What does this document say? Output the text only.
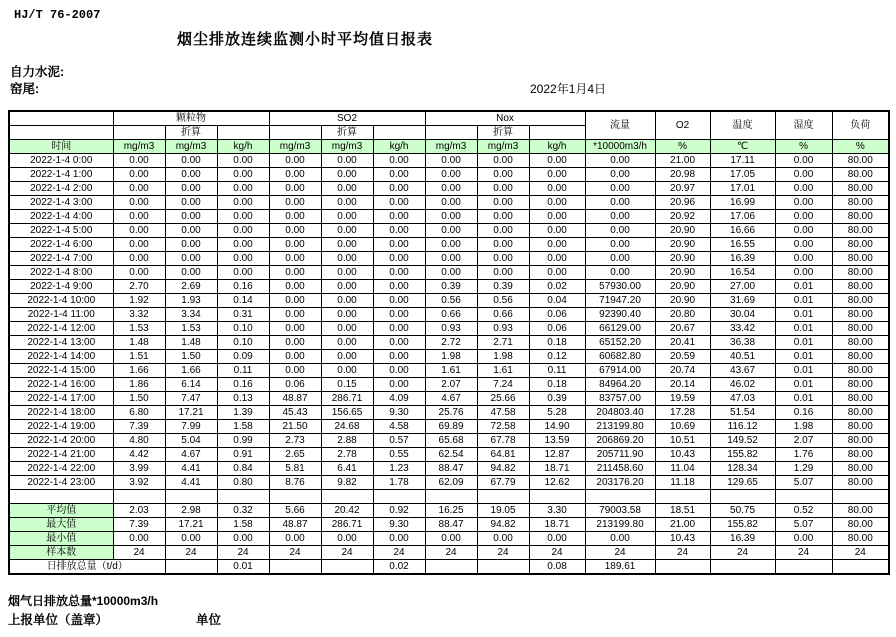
HJ/T 76-2007
烟尘排放连续监测小时平均值日报表
自力水泥:
窑尾:	2022年1月4日
	颗粒物			SO2			Nox			流量	O2	温度	湿度	负荷
		折算			折算			折算						
时间	mg/m3	mg/m3	kg/h	mg/m3	mg/m3	kg/h	mg/m3	mg/m3	kg/h	*10000m3/h	%	℃	%	%
2022-1-4 0:00	0.00	0.00	0.00	0.00	0.00	0.00	0.00	0.00	0.00	0.00	21.00	17.11	0.00	80.00
2022-1-4 1:00	0.00	0.00	0.00	0.00	0.00	0.00	0.00	0.00	0.00	0.00	20.98	17.05	0.00	80.00
2022-1-4 2:00	0.00	0.00	0.00	0.00	0.00	0.00	0.00	0.00	0.00	0.00	20.97	17.01	0.00	80.00
2022-1-4 3:00	0.00	0.00	0.00	0.00	0.00	0.00	0.00	0.00	0.00	0.00	20.96	16.99	0.00	80.00
2022-1-4 4:00	0.00	0.00	0.00	0.00	0.00	0.00	0.00	0.00	0.00	0.00	20.92	17.06	0.00	80.00
2022-1-4 5:00	0.00	0.00	0.00	0.00	0.00	0.00	0.00	0.00	0.00	0.00	20.90	16.66	0.00	80.00
2022-1-4 6:00	0.00	0.00	0.00	0.00	0.00	0.00	0.00	0.00	0.00	0.00	20.90	16.55	0.00	80.00
2022-1-4 7:00	0.00	0.00	0.00	0.00	0.00	0.00	0.00	0.00	0.00	0.00	20.90	16.39	0.00	80.00
2022-1-4 8:00	0.00	0.00	0.00	0.00	0.00	0.00	0.00	0.00	0.00	0.00	20.90	16.54	0.00	80.00
2022-1-4 9:00	2.70	2.69	0.16	0.00	0.00	0.00	0.39	0.39	0.02	57930.00	20.90	27.00	0.01	80.00
2022-1-4 10:00	1.92	1.93	0.14	0.00	0.00	0.00	0.56	0.56	0.04	71947.20	20.90	31.69	0.01	80.00
2022-1-4 11:00	3.32	3.34	0.31	0.00	0.00	0.00	0.66	0.66	0.06	92390.40	20.80	30.04	0.01	80.00
2022-1-4 12:00	1.53	1.53	0.10	0.00	0.00	0.00	0.93	0.93	0.06	66129.00	20.67	33.42	0.01	80.00
2022-1-4 13:00	1.48	1.48	0.10	0.00	0.00	0.00	2.72	2.71	0.18	65152.20	20.41	36.38	0.01	80.00
2022-1-4 14:00	1.51	1.50	0.09	0.00	0.00	0.00	1.98	1.98	0.12	60682.80	20.59	40.51	0.01	80.00
2022-1-4 15:00	1.66	1.66	0.11	0.00	0.00	0.00	1.61	1.61	0.11	67914.00	20.74	43.67	0.01	80.00
2022-1-4 16:00	1.86	6.14	0.16	0.06	0.15	0.00	2.07	7.24	0.18	84964.20	20.14	46.02	0.01	80.00
2022-1-4 17:00	1.50	7.47	0.13	48.87	286.71	4.09	4.67	25.66	0.39	83757.00	19.59	47.03	0.01	80.00
2022-1-4 18:00	6.80	17.21	1.39	45.43	156.65	9.30	25.76	47.58	5.28	204803.40	17.28	51.54	0.16	80.00
2022-1-4 19:00	7.39	7.99	1.58	21.50	24.68	4.58	69.89	72.58	14.90	213199.80	10.69	116.12	1.98	80.00
2022-1-4 20:00	4.80	5.04	0.99	2.73	2.88	0.57	65.68	67.78	13.59	206869.20	10.51	149.52	2.07	80.00
2022-1-4 21:00	4.42	4.67	0.91	2.65	2.78	0.55	62.54	64.81	12.87	205711.90	10.43	155.82	1.76	80.00
2022-1-4 22:00	3.99	4.41	0.84	5.81	6.41	1.23	88.47	94.82	18.71	211458.60	11.04	128.34	1.29	80.00
2022-1-4 23:00	3.92	4.41	0.80	8.76	9.82	1.78	62.09	67.79	12.62	203176.20	11.18	129.65	5.07	80.00

平均值	2.03	2.98	0.32	5.66	20.42	0.92	16.25	19.05	3.30	79003.58	18.51	50.75	0.52	80.00
最大值	7.39	17.21	1.58	48.87	286.71	9.30	88.47	94.82	18.71	213199.80	21.00	155.82	5.07	80.00
最小值	0.00	0.00	0.00	0.00	0.00	0.00	0.00	0.00	0.00	0.00	10.43	16.39	0.00	80.00
样本数	24	24	24	24	24	24	24	24	24	24	24	24	24	24
日排放总量（t/d）			0.01			0.02			0.08	189.61				
烟气日排放总量*10000m3/h
上报单位（盖章）	单位
